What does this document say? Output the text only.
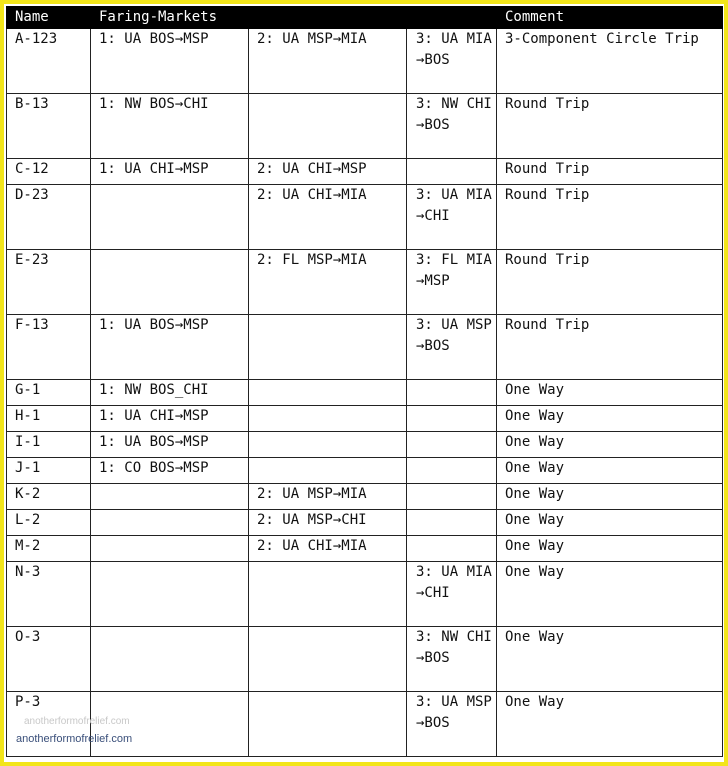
Name	Faring-Markets			Comment
A-123	1: UA BOS→MSP	2: UA MSP→MIA	3: UA MIA→BOS	3-Component Circle Trip
B-13	1: NW BOS→CHI		3: NW CHI→BOS	Round Trip
C-12	1: UA CHI→MSP	2: UA CHI→MSP		Round Trip
D-23		2: UA CHI→MIA	3: UA MIA→CHI	Round Trip
E-23		2: FL MSP→MIA	3: FL MIA→MSP	Round Trip
F-13	1: UA BOS→MSP		3: UA MSP→BOS	Round Trip
G-1	1: NW BOS_CHI			One Way
H-1	1: UA CHI→MSP			One Way
I-1	1: UA BOS→MSP			One Way
J-1	1: CO BOS→MSP			One Way
K-2		2: UA MSP→MIA		One Way
L-2		2: UA MSP→CHI		One Way
M-2		2: UA CHI→MIA		One Way
N-3			3: UA MIA→CHI	One Way
O-3			3: NW CHI→BOS	One Way
P-3			3: UA MSP→BOS	One Way
anotherformofrelief.com
anotherformofrelief.com
